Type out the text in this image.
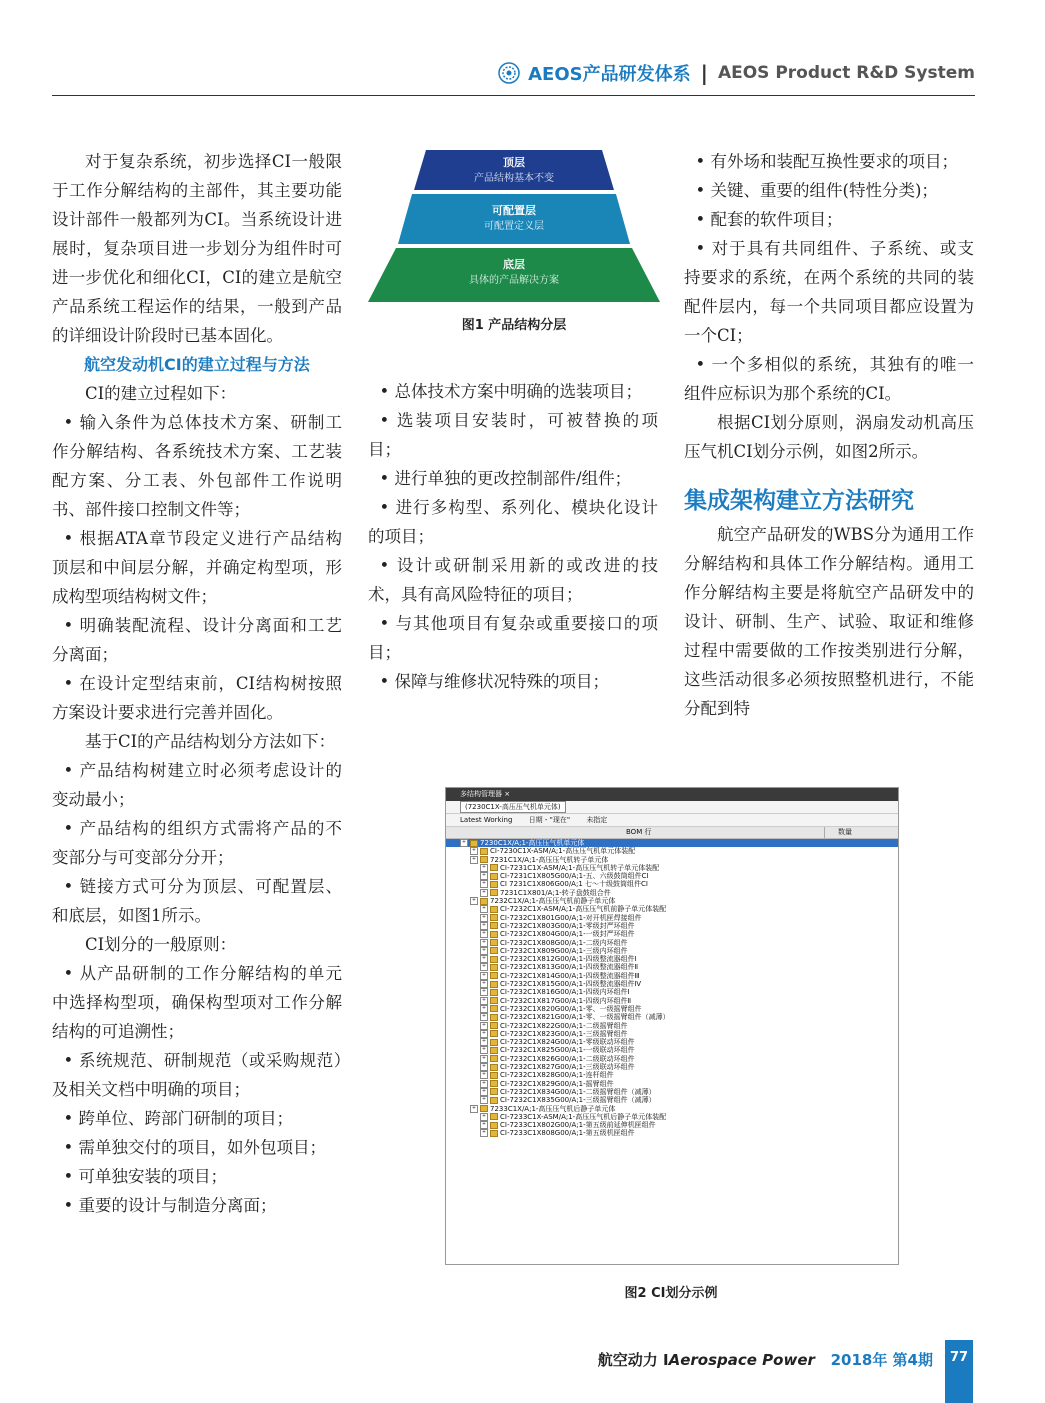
AEOS产品研发体系 | AEOS Product R&D System

对于复杂系统，初步选择CI一般限于工作分解结构的主部件，其主要功能设计部件一般都列为CI。当系统设计进展时，复杂项目进一步划分为组件时可进一步优化和细化CI，CI的建立是航空产品系统工程运作的结果，一般到产品的详细设计阶段时已基本固化。

航空发动机CI的建立过程与方法

CI的建立过程如下：

• 输入条件为总体技术方案、研制工作分解结构、各系统技术方案、工艺装配方案、分工表、外包部件工作说明书、部件接口控制文件等；

• 根据ATA章节段定义进行产品结构顶层和中间层分解，并确定构型项，形成构型项结构树文件；

• 明确装配流程、设计分离面和工艺分离面；

• 在设计定型结束前，CI结构树按照方案设计要求进行完善并固化。

基于CI的产品结构划分方法如下：

• 产品结构树建立时必须考虑设计的变动最小；

• 产品结构的组织方式需将产品的不变部分与可变部分分开；

• 链接方式可分为顶层、可配置层、和底层，如图1所示。

CI划分的一般原则：

• 从产品研制的工作分解结构的单元中选择构型项，确保构型项对工作分解结构的可追溯性；

• 系统规范、研制规范（或采购规范）及相关文档中明确的项目；

• 跨单位、跨部门研制的项目；

• 需单独交付的项目，如外包项目；

• 可单独安装的项目；

• 重要的设计与制造分离面；

顶层
产品结构基本不变
可配置层
可配置定义层
底层
具体的产品解决方案
图1 产品结构分层

• 总体技术方案中明确的选装项目；

• 选装项目安装时，可被替换的项目；

• 进行单独的更改控制部件/组件；

• 进行多构型、系列化、模块化设计的项目；

• 设计或研制采用新的或改进的技术，具有高风险特征的项目；

• 与其他项目有复杂或重要接口的项目；

• 保障与维修状况特殊的项目；

• 有外场和装配互换性要求的项目；

• 关键、重要的组件(特性分类)；

• 配套的软件项目；

• 对于具有共同组件、子系统、或支持要求的系统，在两个系统的共同的装配件层内，每一个共同项目都应设置为一个CI；

• 一个多相似的系统，其独有的唯一组件应标识为那个系统的CI。

根据CI划分原则，涡扇发动机高压压气机CI划分示例，如图2所示。

集成架构建立方法研究

航空产品研发的WBS分为通用工作分解结构和具体工作分解结构。通用工作分解结构主要是将航空产品研发中的设计、研制、生产、试验、取证和维修过程中需要做的工作按类别进行分解，这些活动很多必须按照整机进行，不能分配到特

多结构管理器 ×
(7230C1X-高压压气机单元体)
Latest Working 日期 - "现在" 未指定
BOM 行	数量
+ 7230C1X/A;1-高压压气机单元体
+ CI-7230C1X-ASM/A;1-高压压气机单元体装配
+ 7231C1X/A;1-高压压气机转子单元体
+ CI-7231C1X-ASM/A;1-高压压气机转子单元体装配
+ CI-7231C1X805G00/A;1-五、六级鼓筒组件CI
+ CI 7231C1X806G00/A;1 七～十级鼓筒组件CI
+ 7231C1X801/A;1-转子盘鼓组合件
+ 7232C1X/A;1-高压压气机前静子单元体
+ CI-7232C1X-ASM/A;1-高压压气机前静子单元体装配
+ CI-7232C1X801G00/A;1-对开机匣焊接组件
+ CI-7232C1X803G00/A;1-零级封严环组件
+ CI-7232C1X804G00/A;1-一级封严环组件
+ CI-7232C1X808G00/A;1-二级内环组件
+ CI-7232C1X809G00/A;1-三级内环组件
+ CI-7232C1X812G00/A;1-四级整流器组件Ⅰ
+ CI-7232C1X813G00/A;1-四级整流器组件Ⅱ
+ CI-7232C1X814G00/A;1-四级整流器组件Ⅲ
+ CI-7232C1X815G00/A;1-四级整流器组件Ⅳ
+ CI-7232C1X816G00/A;1-四级内环组件Ⅰ
+ CI-7232C1X817G00/A;1-四级内环组件Ⅱ
+ CI-7232C1X820G00/A;1-零、一级摇臂组件
+ CI-7232C1X821G00/A;1-零、一级摇臂组件（减薄）
+ CI-7232C1X822G00/A;1-二级摇臂组件
+ CI-7232C1X823G00/A;1-三级摇臂组件
+ CI-7232C1X824G00/A;1-零级联动环组件
+ CI-7232C1X825G00/A;1-一级联动环组件
+ CI-7232C1X826G00/A;1-二级联动环组件
+ CI-7232C1X827G00/A;1-三级联动环组件
+ CI-7232C1X828G00/A;1-连杆组件
+ CI-7232C1X829G00/A;1-摇臂组件
+ CI-7232C1X834G00/A;1-二级摇臂组件（减薄）
+ CI-7232C1X835G00/A;1-三级摇臂组件（减薄）
+ 7233C1X/A;1-高压压气机后静子单元体
+ CI-7233C1X-ASM/A;1-高压压气机后静子单元体装配
+ CI-7233C1X802G00/A;1-第五级前延伸机匣组件
+ CI-7233C1X808G00/A;1-第五级机匣组件
图2 CI划分示例
航空动力 IAerospace Power 2018年 第4期	77
